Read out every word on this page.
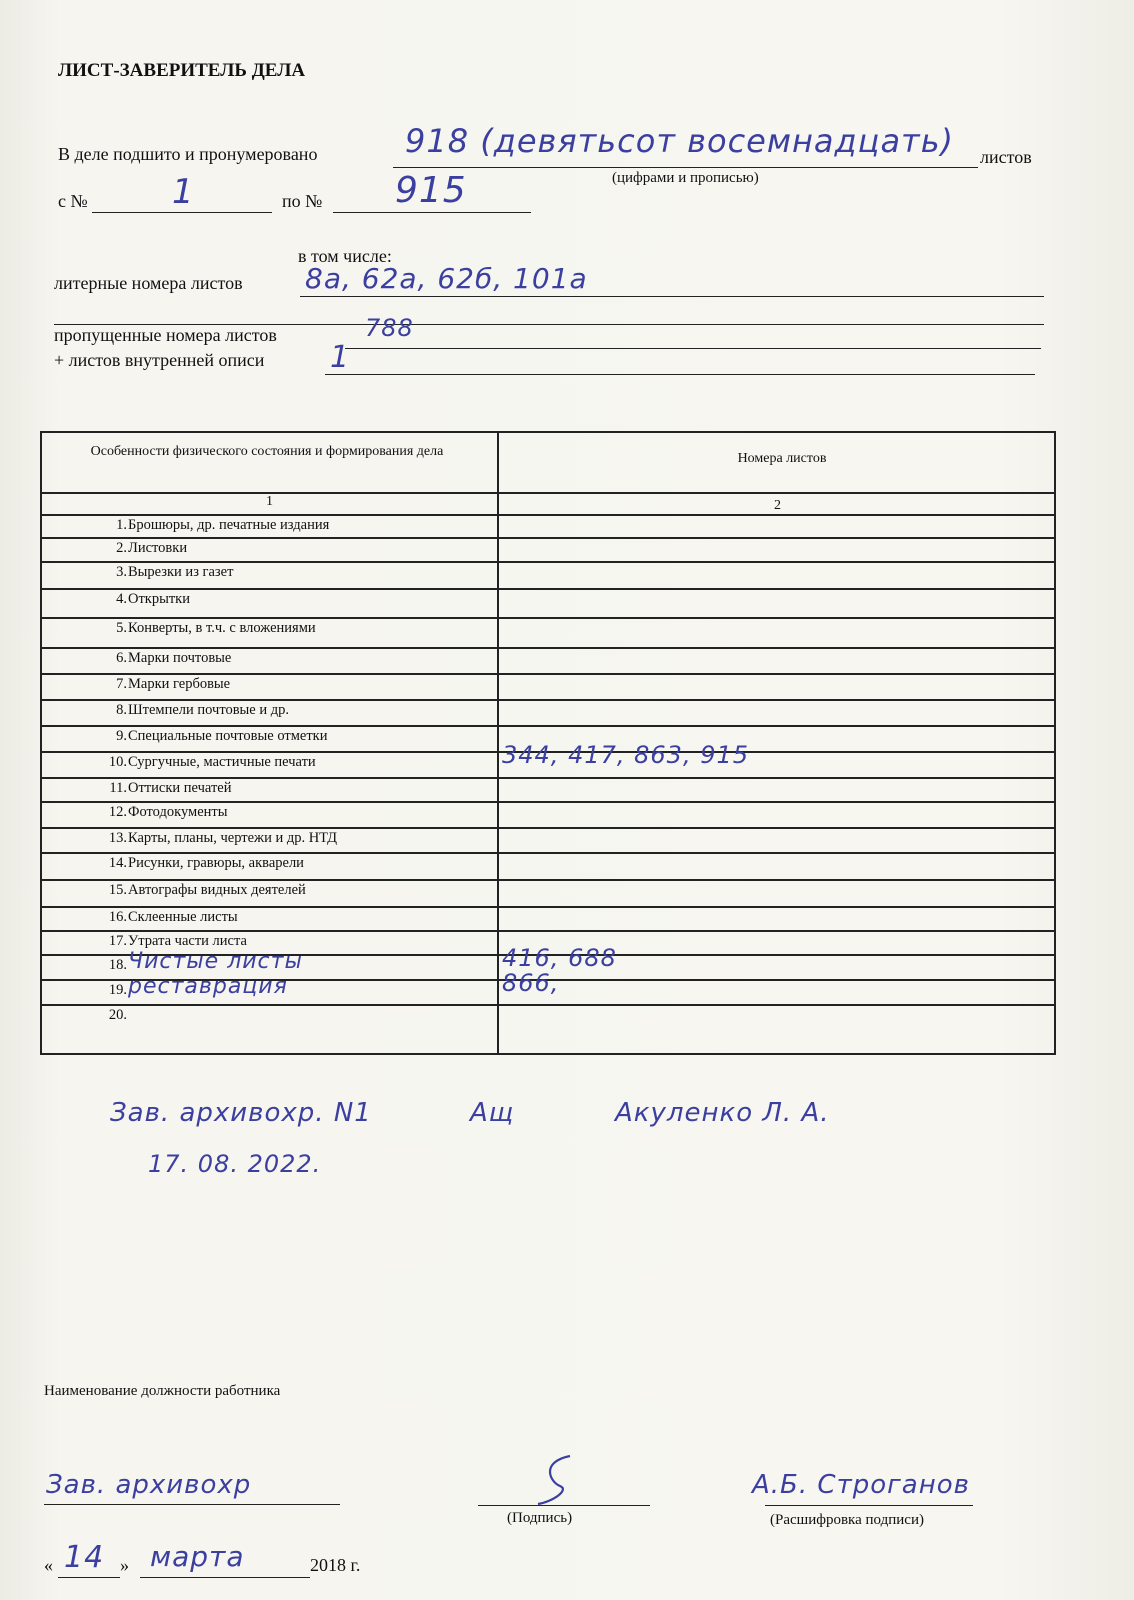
ЛИСТ-ЗАВЕРИТЕЛЬ ДЕЛА
В деле подшито и пронумеровано	918 (девятьсот восемнадцать) листов
(цифрами и прописью)
с № 1	по № 915
в том числе:
литерные номера листов 8а, 62а, 62б, 101а
пропущенные номера листов	788
+ листов внутренней описи 1
Особенности физического состояния и формирования дела	Номера листов
1	2
1. Брошюры, др. печатные издания
2. Листовки
3. Вырезки из газет
4. Открытки
5. Конверты, в т.ч. с вложениями
6. Марки почтовые
7. Марки гербовые
8. Штемпели почтовые и др.
9. Специальные почтовые отметки
10. Сургучные, мастичные печати	344, 417, 863, 915
11. Оттиски печатей
12. Фотодокументы
13. Карты, планы, чертежи и др. НТД
14. Рисунки, гравюры, акварели
15. Автографы видных деятелей
16. Склеенные листы
17. Утрата части листа
18. Чистые листы	416, 688
19. реставрация	866,
20.
Зав. архивохр. N1	Ащ	Акуленко Л. А.
17. 08. 2022.
Наименование должности работника
Зав. архивохр
(Подпись)
А.Б. Строганов
(Расшифровка подписи)
« 14 » марта	2018 г.
